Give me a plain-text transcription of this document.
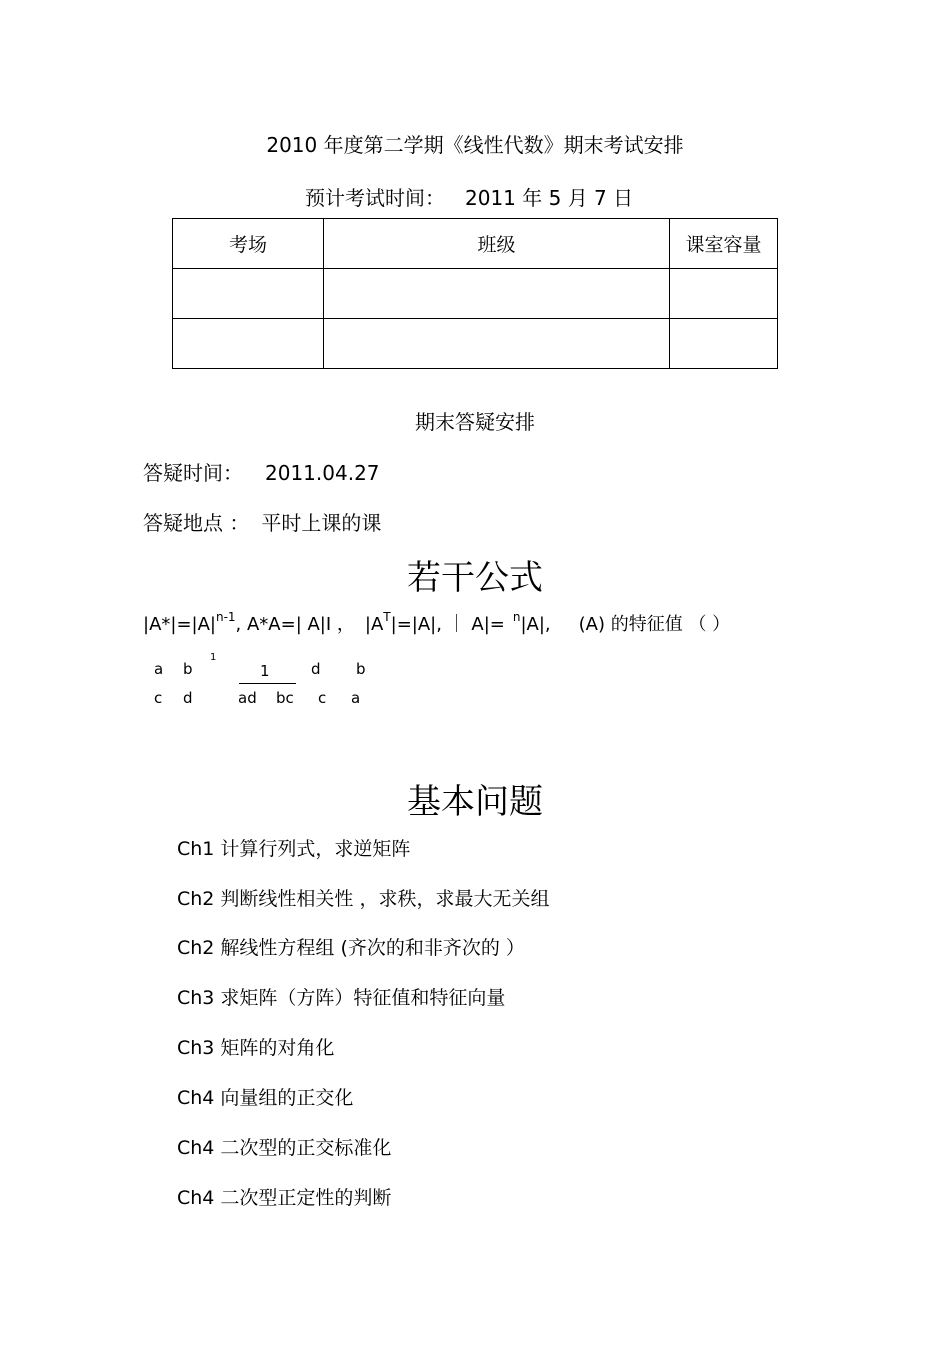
2010 年度第二学期《线性代数》期末考试安排
预计考试时间： 2011 年 5 月 7 日
考场	班级	课室容量

期末答疑安排
答疑时间： 2011.04.27
答疑地点 ： 平时上课的课
若干公式
$|A*|=|A|^{n-1}$, A*A=| A|I ， $|A^T|=|A|$, ｜ A|= $^n$|A|, (A) 的特征值 （ ）
a b
1
c d
1
ad bc
d b
c a
基本问题
Ch1 计算行列式，求逆矩阵
Ch2 判断线性相关性 ，求秩，求最大无关组
Ch2 解线性方程组 (齐次的和非齐次的 ）
Ch3 求矩阵（方阵）特征值和特征向量
Ch3 矩阵的对角化
Ch4 向量组的正交化
Ch4 二次型的正交标准化
Ch4 二次型正定性的判断
